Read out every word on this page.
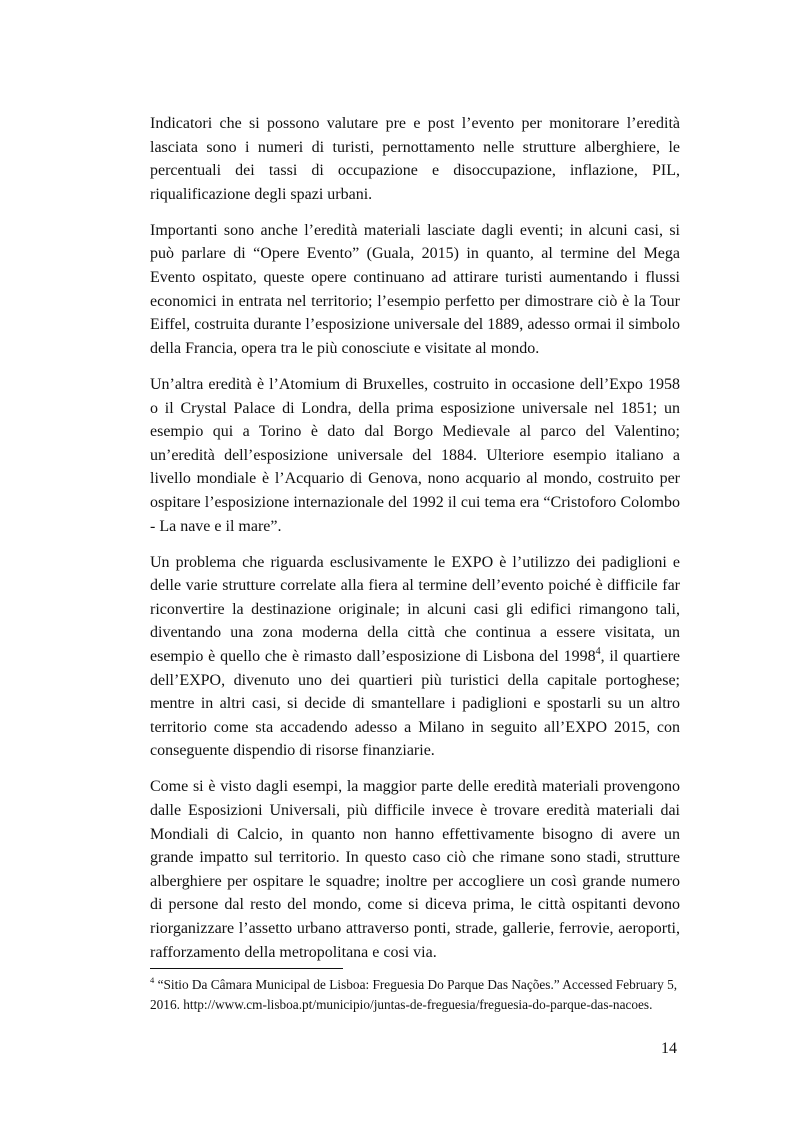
Indicatori che si possono valutare pre e post l’evento per monitorare l’eredità lasciata sono i numeri di turisti, pernottamento nelle strutture alberghiere, le percentuali dei tassi di occupazione e disoccupazione, inflazione, PIL, riqualificazione degli spazi urbani.

Importanti sono anche l’eredità materiali lasciate dagli eventi; in alcuni casi, si può parlare di “Opere Evento” (Guala, 2015) in quanto, al termine del Mega Evento ospitato, queste opere continuano ad attirare turisti aumentando i flussi economici in entrata nel territorio; l’esempio perfetto per dimostrare ciò è la Tour Eiffel, costruita durante l’esposizione universale del 1889, adesso ormai il simbolo della Francia, opera tra le più conosciute e visitate al mondo.

Un’altra eredità è l’Atomium di Bruxelles, costruito in occasione dell’Expo 1958 o il Crystal Palace di Londra, della prima esposizione universale nel 1851; un esempio qui a Torino è dato dal Borgo Medievale al parco del Valentino; un’eredità dell’esposizione universale del 1884. Ulteriore esempio italiano a livello mondiale è l’Acquario di Genova, nono acquario al mondo, costruito per ospitare l’esposizione internazionale del 1992 il cui tema era “Cristoforo Colombo - La nave e il mare”.

Un problema che riguarda esclusivamente le EXPO è l’utilizzo dei padiglioni e delle varie strutture correlate alla fiera al termine dell’evento poiché è difficile far riconvertire la destinazione originale; in alcuni casi gli edifici rimangono tali, diventando una zona moderna della città che continua a essere visitata, un esempio è quello che è rimasto dall’esposizione di Lisbona del 1998$^4$, il quartiere dell’EXPO, divenuto uno dei quartieri più turistici della capitale portoghese; mentre in altri casi, si decide di smantellare i padiglioni e spostarli su un altro territorio come sta accadendo adesso a Milano in seguito all’EXPO 2015, con conseguente dispendio di risorse finanziarie.

Come si è visto dagli esempi, la maggior parte delle eredità materiali provengono dalle Esposizioni Universali, più difficile invece è trovare eredità materiali dai Mondiali di Calcio, in quanto non hanno effettivamente bisogno di avere un grande impatto sul territorio. In questo caso ciò che rimane sono stadi, strutture alberghiere per ospitare le squadre; inoltre per accogliere un così grande numero di persone dal resto del mondo, come si diceva prima, le città ospitanti devono riorganizzare l’assetto urbano attraverso ponti, strade, gallerie, ferrovie, aeroporti, rafforzamento della metropolitana e cosi via.

$^4$ “Sitio Da Câmara Municipal de Lisboa: Freguesia Do Parque Das Nações.” Accessed February 5, 2016. http://www.cm-lisboa.pt/municipio/juntas-de-freguesia/freguesia-do-parque-das-nacoes.
14
